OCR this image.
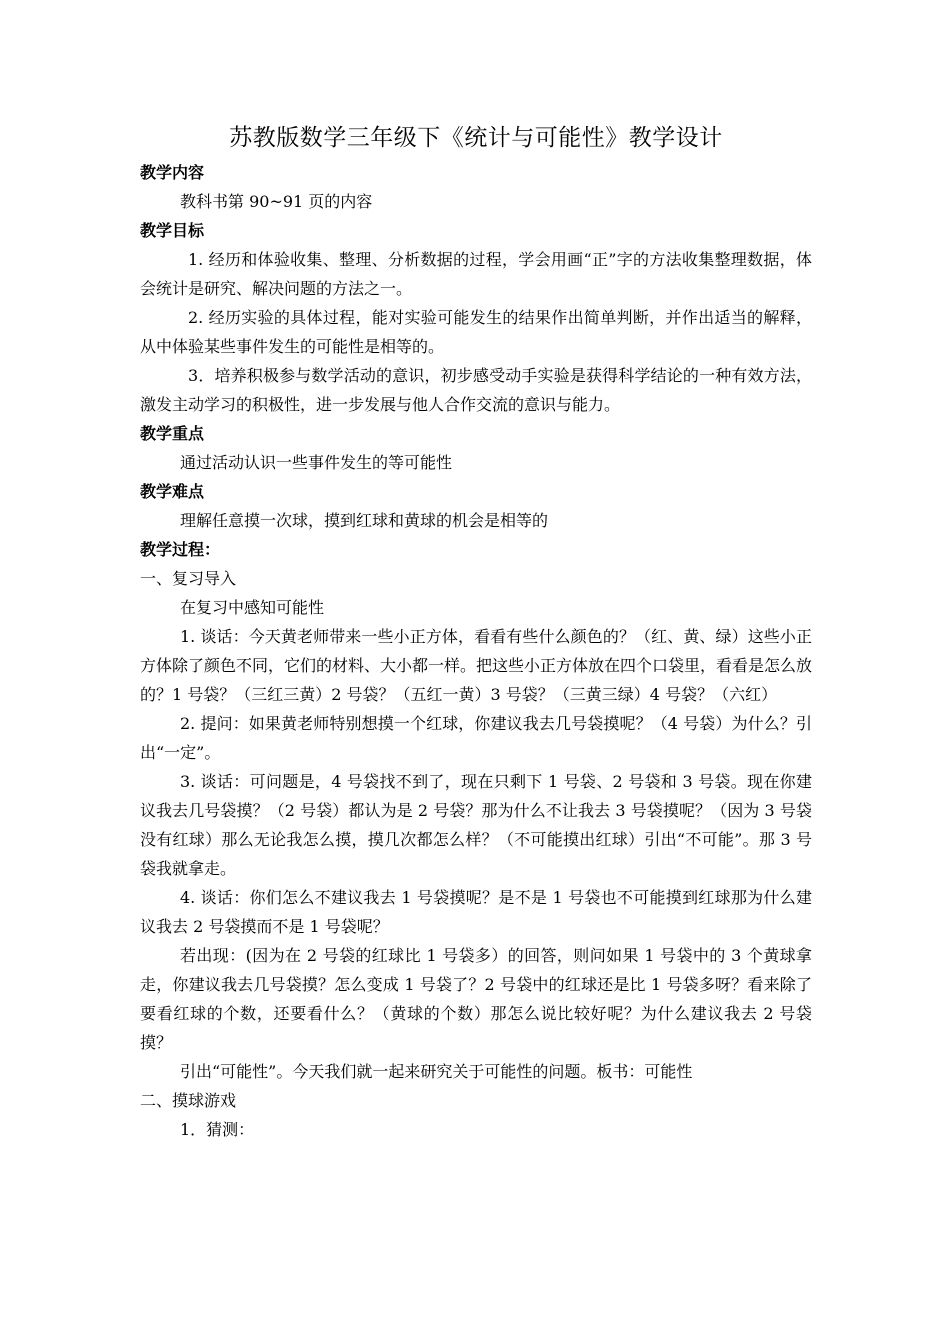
苏教版数学三年级下《统计与可能性》教学设计

教学内容

教科书第 90~91 页的内容

教学目标

1. 经历和体验收集、整理、分析数据的过程，学会用画“正”字的方法收集整理数据，体会统计是研究、解决问题的方法之一。

2. 经历实验的具体过程，能对实验可能发生的结果作出简单判断，并作出适当的解释，从中体验某些事件发生的可能性是相等的。

3．培养积极参与数学活动的意识，初步感受动手实验是获得科学结论的一种有效方法，激发主动学习的积极性，进一步发展与他人合作交流的意识与能力。

教学重点

通过活动认识一些事件发生的等可能性

教学难点

理解任意摸一次球，摸到红球和黄球的机会是相等的

教学过程：

一、复习导入

在复习中感知可能性

1. 谈话：今天黄老师带来一些小正方体，看看有些什么颜色的？（红、黄、绿）这些小正方体除了颜色不同，它们的材料、大小都一样。把这些小正方体放在四个口袋里，看看是怎么放的？1 号袋？（三红三黄）2 号袋？（五红一黄）3 号袋？（三黄三绿）4 号袋？（六红）

2. 提问：如果黄老师特别想摸一个红球，你建议我去几号袋摸呢？（4 号袋）为什么？引出“一定”。

3. 谈话：可问题是，4 号袋找不到了，现在只剩下 1 号袋、2 号袋和 3 号袋。现在你建议我去几号袋摸？（2 号袋）都认为是 2 号袋？那为什么不让我去 3 号袋摸呢？（因为 3 号袋没有红球）那么无论我怎么摸，摸几次都怎么样？（不可能摸出红球）引出“不可能”。那 3 号袋我就拿走。

4. 谈话：你们怎么不建议我去 1 号袋摸呢？是不是 1 号袋也不可能摸到红球那为什么建议我去 2 号袋摸而不是 1 号袋呢？

若出现：(因为在 2 号袋的红球比 1 号袋多）的回答，则问如果 1 号袋中的 3 个黄球拿走，你建议我去几号袋摸？怎么变成 1 号袋了？2 号袋中的红球还是比 1 号袋多呀？看来除了要看红球的个数，还要看什么？（黄球的个数）那怎么说比较好呢？为什么建议我去 2 号袋摸？

引出“可能性”。今天我们就一起来研究关于可能性的问题。板书：可能性

二、摸球游戏

1．猜测：
